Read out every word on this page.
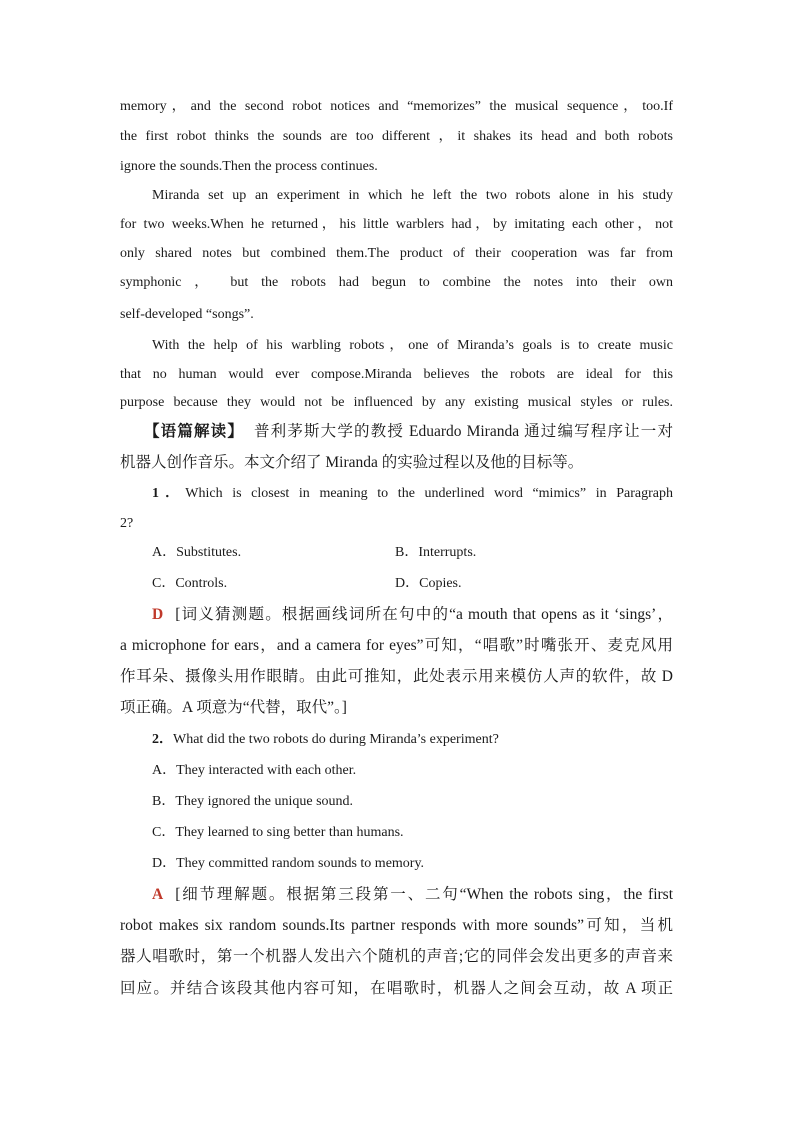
memory，and the second robot notices and “memorizes” the musical sequence，too.If
the first robot thinks the sounds are too different ，it shakes its head and both robots
ignore the sounds.Then the process continues.
Miranda set up an experiment in which he left the two robots alone in his study
for two weeks.When he returned，his little warblers had，by imitating each other，not
only shared notes but combined them.The product of their cooperation was far from
symphonic ， but the robots had begun to combine the notes into their own
self-developed “songs”.
With the help of his warbling robots，one of Miranda’s goals is to create music
that no human would ever compose.Miranda believes the robots are ideal for this
purpose because they would not be influenced by any existing musical styles or rules.
【语篇解读】 普利茅斯大学的教授 Eduardo Miranda 通过编写程序让一对
机器人创作音乐。本文介绍了 Miranda 的实验过程以及他的目标等。
1．Which is closest in meaning to the underlined word “mimics” in Paragraph
2?
A．Substitutes.	B．Interrupts.
C．Controls.	D．Copies.
D [词义猜测题。根据画线词所在句中的“a mouth that opens as it ‘sings’，
a microphone for ears，and a camera for eyes”可知，“唱歌”时嘴张开、麦克风用
作耳朵、摄像头用作眼睛。由此可推知，此处表示用来模仿人声的软件，故 D
项正确。A 项意为“代替，取代”。]
2．What did the two robots do during Miranda’s experiment?
A．They interacted with each other.
B．They ignored the unique sound.
C．They learned to sing better than humans.
D．They committed random sounds to memory.
A [细节理解题。根据第三段第一、二句“When the robots sing，the first
robot makes six random sounds.Its partner responds with more sounds”可知，当机
器人唱歌时，第一个机器人发出六个随机的声音;它的同伴会发出更多的声音来
回应。并结合该段其他内容可知，在唱歌时，机器人之间会互动，故 A 项正
